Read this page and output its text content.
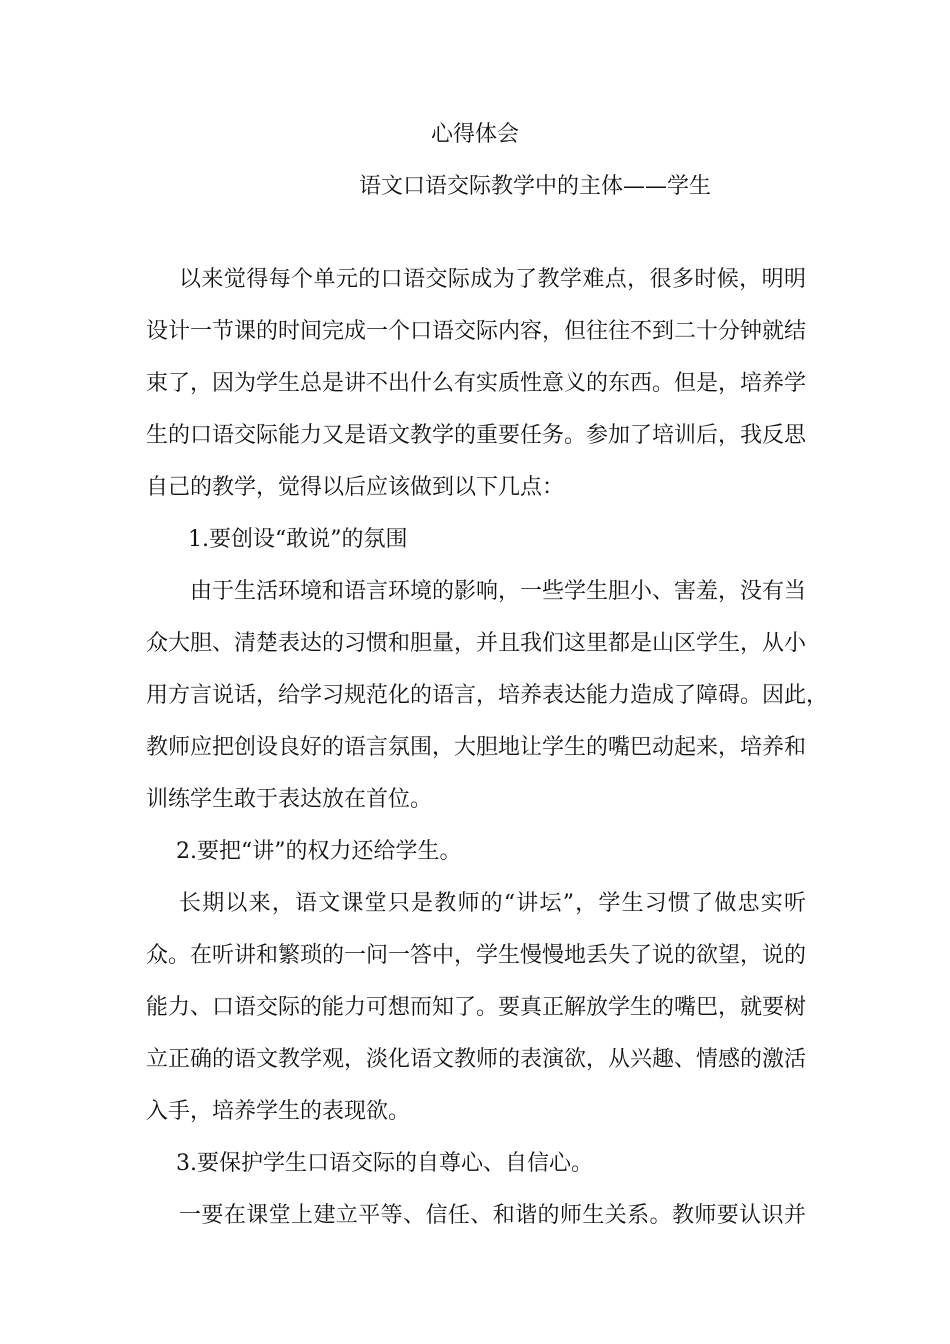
心得体会
语文口语交际教学中的主体——学生

以来觉得每个单元的口语交际成为了教学难点，很多时候，明明

设计一节课的时间完成一个口语交际内容，但往往不到二十分钟就结

束了，因为学生总是讲不出什么有实质性意义的东西。但是，培养学

生的口语交际能力又是语文教学的重要任务。参加了培训后，我反思

自己的教学，觉得以后应该做到以下几点：

1.要创设“敢说”的氛围

由于生活环境和语言环境的影响，一些学生胆小、害羞，没有当

众大胆、清楚表达的习惯和胆量，并且我们这里都是山区学生，从小

用方言说话，给学习规范化的语言，培养表达能力造成了障碍。因此，

教师应把创设良好的语言氛围，大胆地让学生的嘴巴动起来，培养和

训练学生敢于表达放在首位。

2.要把“讲”的权力还给学生。

长期以来，语文课堂只是教师的“讲坛”，学生习惯了做忠实听

众。在听讲和繁琐的一问一答中，学生慢慢地丢失了说的欲望，说的

能力、口语交际的能力可想而知了。要真正解放学生的嘴巴，就要树

立正确的语文教学观，淡化语文教师的表演欲，从兴趣、情感的激活

入手，培养学生的表现欲。

3.要保护学生口语交际的自尊心、自信心。

一要在课堂上建立平等、信任、和谐的师生关系。教师要认识并
